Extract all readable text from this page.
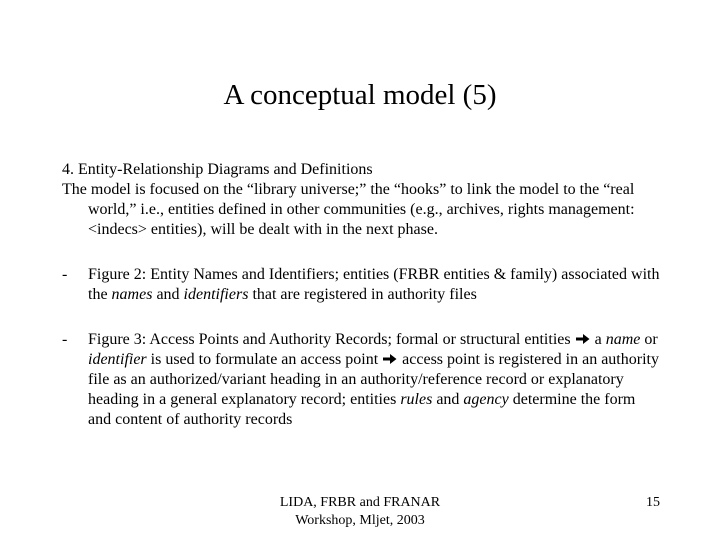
A conceptual model (5)

4. Entity-Relationship Diagrams and Definitions

The model is focused on the “library universe;” the “hooks” to link the model to the “real world,” i.e., entities defined in other communities (e.g., archives, rights management: <indecs> entities), will be dealt with in the next phase.

- Figure 2: Entity Names and Identifiers; entities (FRBR entities & family) associated with the names and identifiers that are registered in authority files

- Figure 3: Access Points and Authority Records; formal or structural entities  a name or identifier is used to formulate an access point  access point is registered in an authority file as an authorized/variant heading in an authority/reference record or explanatory heading in a general explanatory record; entities rules and agency determine the form and content of authority records

LIDA, FRBR and FRANAR
Workshop, Mljet, 2003
15
